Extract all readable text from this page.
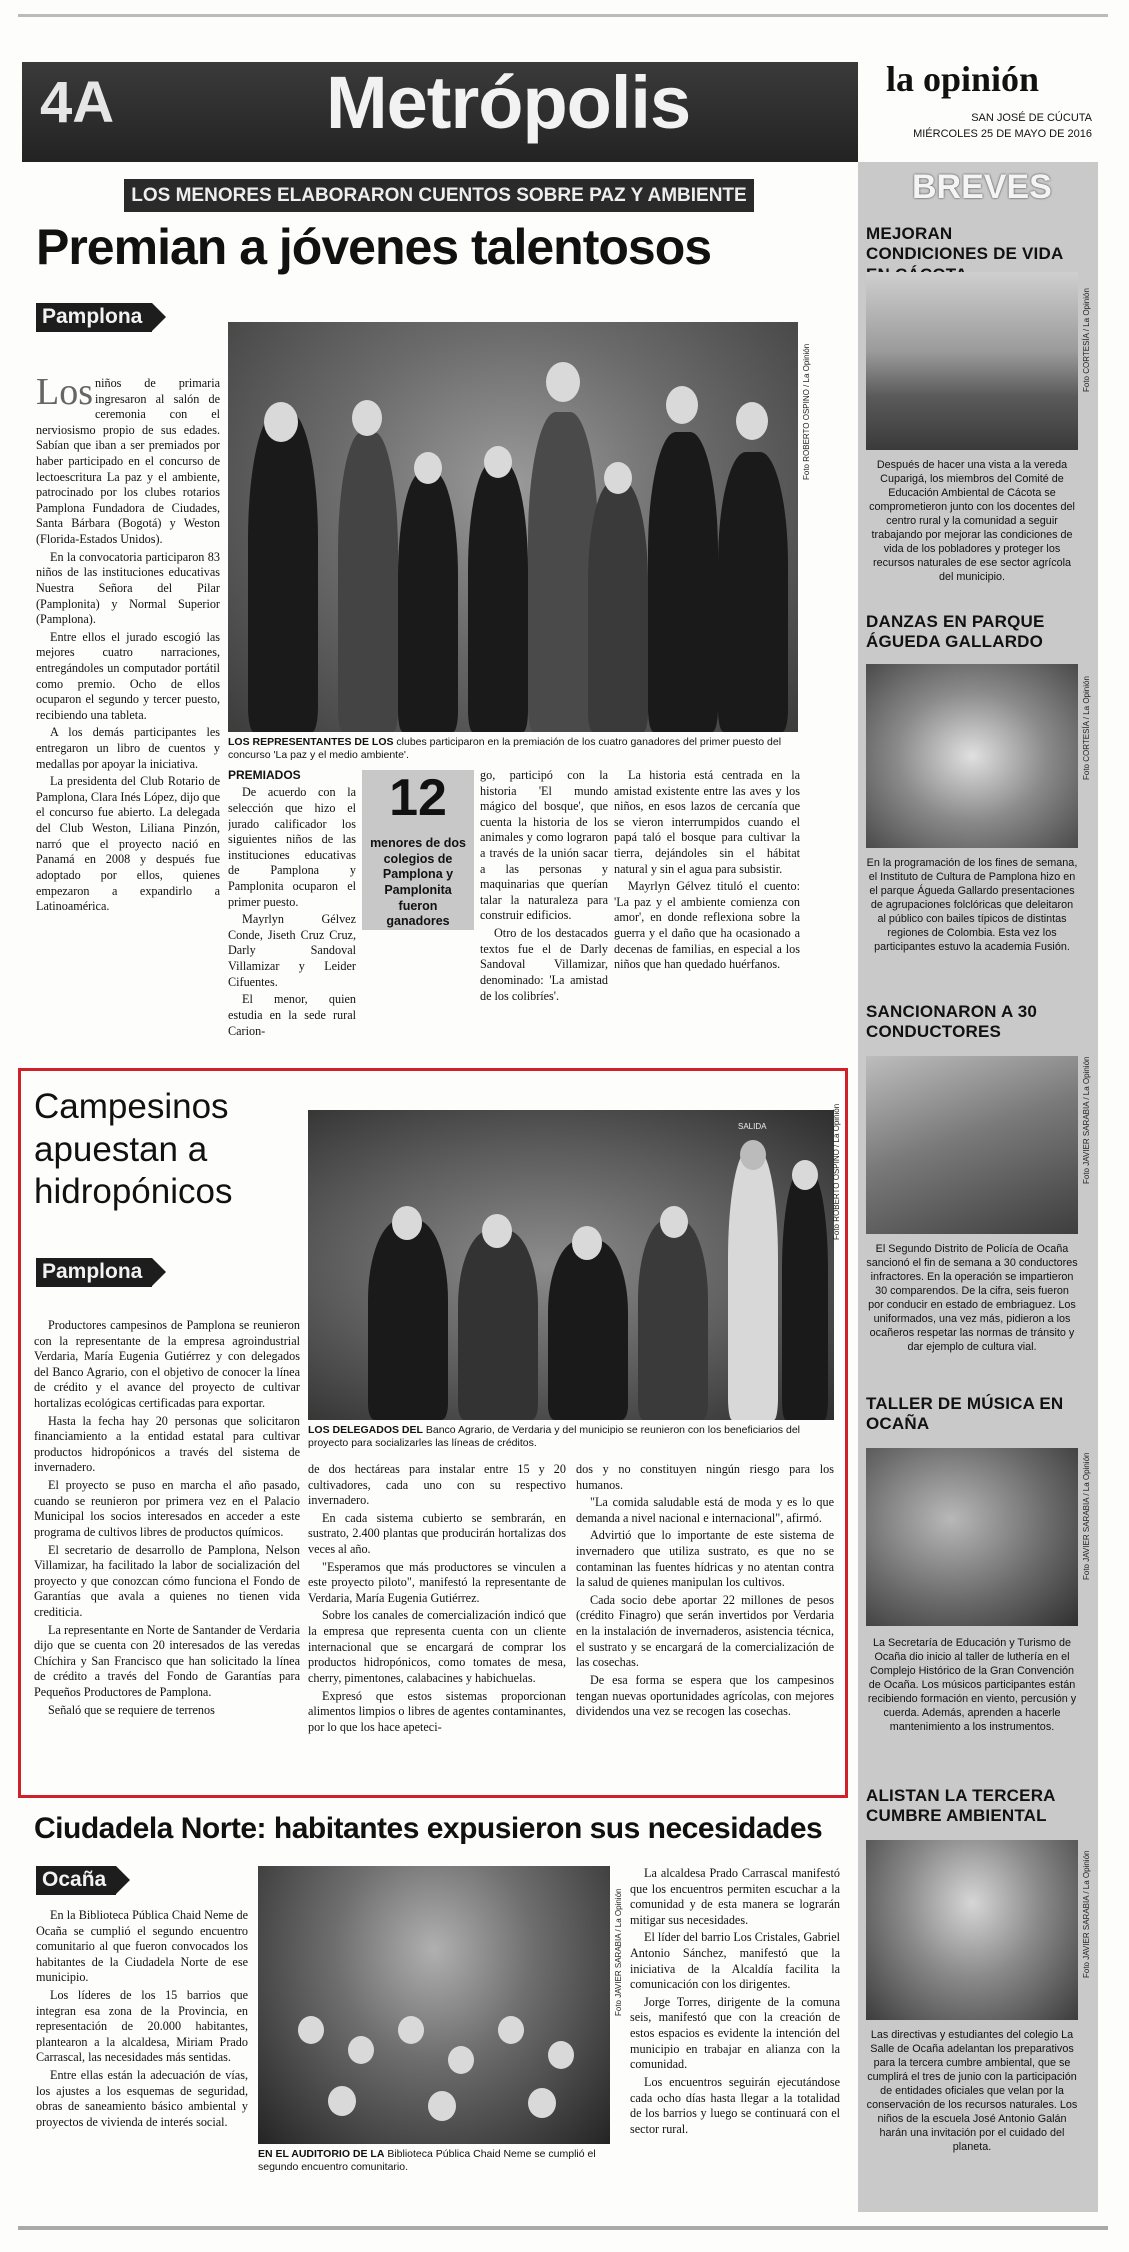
4A	Metrópolis	la opinión
SAN JOSÉ DE CÚCUTA
MIÉRCOLES 25 DE MAYO DE 2016
BREVES
LOS MENORES ELABORARON CUENTOS SOBRE PAZ Y AMBIENTE
Premian a jóvenes talentosos
Pamplona
Foto ROBERTO OSPINO / La Opinión
LOS REPRESENTANTES DE LOS clubes participaron en la premiación de los cuatro ganadores del primer puesto del concurso 'La paz y el medio ambiente'.

Los niños de primaria ingresaron al salón de ceremonia con el nerviosismo propio de sus edades. Sabían que iban a ser premiados por haber participado en el concurso de lectoescritura La paz y el ambiente, patrocinado por los clubes rotarios Pamplona Fundadora de Ciudades, Santa Bárbara (Bogotá) y Weston (Florida-Estados Unidos).

En la convocatoria participaron 83 niños de las instituciones educativas Nuestra Señora del Pilar (Pamplonita) y Normal Superior (Pamplona).

Entre ellos el jurado escogió las mejores cuatro narraciones, entregándoles un computador portátil como premio. Ocho de ellos ocuparon el segundo y tercer puesto, recibiendo una tableta.

A los demás participantes les entregaron un libro de cuentos y medallas por apoyar la iniciativa.

La presidenta del Club Rotario de Pamplona, Clara Inés López, dijo que el concurso fue abierto. La delegada del Club Weston, Liliana Pinzón, narró que el proyecto nació en Panamá en 2008 y después fue adoptado por ellos, quienes empezaron a expandirlo a Latinoamérica.

PREMIADOS

De acuerdo con la selección que hizo el jurado calificador los siguientes niños de las instituciones educativas de Pamplona y Pamplonita ocuparon el primer puesto.

Mayrlyn Gélvez Conde, Jiseth Cruz Cruz, Darly Sandoval Villamizar y Leider Cifuentes.

El menor, quien estudia en la sede rural Carion-

12
menores de dos colegios de Pamplona y Pamplonita fueron ganadores

go, participó con la historia 'El mundo mágico del bosque', que cuenta la historia de los animales y como lograron a través de la unión sacar a las personas y maquinarias que querían talar la naturaleza para construir edificios.

Otro de los destacados textos fue el de Darly Sandoval Villamizar, denominado: 'La amistad de los colibríes'.

La historia está centrada en la amistad existente entre las aves y los niños, en esos lazos de cercanía que se vieron interrumpidos cuando el papá taló el bosque para cultivar la tierra, dejándoles sin el hábitat natural y sin el agua para subsistir.

Mayrlyn Gélvez tituló el cuento: 'La paz y el ambiente comienza con amor', en donde reflexiona sobre la guerra y el daño que ha ocasionado a decenas de familias, en especial a los niños que han quedado huérfanos.

Campesinos apuestan a hidropónicos
Pamplona
SALIDA	Foto ROBERTO OSPINO / La Opinión
LOS DELEGADOS DEL Banco Agrario, de Verdaria y del municipio se reunieron con los beneficiarios del proyecto para socializarles las líneas de créditos.

Productores campesinos de Pamplona se reunieron con la representante de la empresa agroindustrial Verdaria, María Eugenia Gutiérrez y con delegados del Banco Agrario, con el objetivo de conocer la línea de crédito y el avance del proyecto de cultivar hortalizas ecológicas certificadas para exportar.

Hasta la fecha hay 20 personas que solicitaron financiamiento a la entidad estatal para cultivar productos hidropónicos a través del sistema de invernadero.

El proyecto se puso en marcha el año pasado, cuando se reunieron por primera vez en el Palacio Municipal los socios interesados en acceder a este programa de cultivos libres de productos químicos.

El secretario de desarrollo de Pamplona, Nelson Villamizar, ha facilitado la labor de socialización del proyecto y que conozcan cómo funciona el Fondo de Garantías que avala a quienes no tienen vida crediticia.

La representante en Norte de Santander de Verdaria dijo que se cuenta con 20 interesados de las veredas Chíchira y San Francisco que han solicitado la línea de crédito a través del Fondo de Garantías para Pequeños Productores de Pamplona.

Señaló que se requiere de terrenos

de dos hectáreas para instalar entre 15 y 20 cultivadores, cada uno con su respectivo invernadero.

En cada sistema cubierto se sembrarán, en sustrato, 2.400 plantas que producirán hortalizas dos veces al año.

"Esperamos que más productores se vinculen a este proyecto piloto", manifestó la representante de Verdaria, María Eugenia Gutiérrez.

Sobre los canales de comercialización indicó que la empresa que representa cuenta con un cliente internacional que se encargará de comprar los productos hidropónicos, como tomates de mesa, cherry, pimentones, calabacines y habichuelas.

Expresó que estos sistemas proporcionan alimentos limpios o libres de agentes contaminantes, por lo que los hace apeteci-

dos y no constituyen ningún riesgo para los humanos.

"La comida saludable está de moda y es lo que demanda a nivel nacional e internacional", afirmó.

Advirtió que lo importante de este sistema de invernadero que utiliza sustrato, es que no se contaminan las fuentes hídricas y no atentan contra la salud de quienes manipulan los cultivos.

Cada socio debe aportar 22 millones de pesos (crédito Finagro) que serán invertidos por Verdaria en la instalación de invernaderos, asistencia técnica, el sustrato y se encargará de la comercialización de las cosechas.

De esa forma se espera que los campesinos tengan nuevas oportunidades agrícolas, con mejores dividendos una vez se recogen las cosechas.

Ciudadela Norte: habitantes expusieron sus necesidades
Ocaña

En la Biblioteca Pública Chaid Neme de Ocaña se cumplió el segundo encuentro comunitario al que fueron convocados los habitantes de la Ciudadela Norte de ese municipio.

Los líderes de los 15 barrios que integran esa zona de la Provincia, en representación de 20.000 habitantes, plantearon a la alcaldesa, Miriam Prado Carrascal, las necesidades más sentidas.

Entre ellas están la adecuación de vías, los ajustes a los esquemas de seguridad, obras de saneamiento básico ambiental y proyectos de vivienda de interés social.

Foto JAVIER SARABIA / La Opinión
EN EL AUDITORIO DE LA Biblioteca Pública Chaid Neme se cumplió el segundo encuentro comunitario.

La alcaldesa Prado Carrascal manifestó que los encuentros permiten escuchar a la comunidad y de esta manera se lograrán mitigar sus necesidades.

El líder del barrio Los Cristales, Gabriel Antonio Sánchez, manifestó que la iniciativa de la Alcaldía facilita la comunicación con los dirigentes.

Jorge Torres, dirigente de la comuna seis, manifestó que con la creación de estos espacios es evidente la intención del municipio en trabajar en alianza con la comunidad.

Los encuentros seguirán ejecutándose cada ocho días hasta llegar a la totalidad de los barrios y luego se continuará con el sector rural.

MEJORAN CONDICIONES DE VIDA
Foto CORTESÍA / La Opinión
Después de hacer una vista a la vereda Cuparigá, los miembros del Comité de Educación Ambiental de Cácota se comprometieron junto con los docentes del centro rural y la comunidad a seguir trabajando por mejorar las condiciones de vida de los pobladores y proteger los recursos naturales de ese sector agrícola del municipio.
DANZAS EN PARQUE ÁGUEDA GALLARDO
Foto CORTESÍA / La Opinión
En la programación de los fines de semana, el Instituto de Cultura de Pamplona hizo en el parque Águeda Gallardo presentaciones de agrupaciones folclóricas que deleitaron al público con bailes típicos de distintas regiones de Colombia. Esta vez los participantes estuvo la academia Fusión.
SANCIONARON A 30 CONDUCTORES
Foto JAVIER SARABIA / La Opinión
El Segundo Distrito de Policía de Ocaña sancionó el fin de semana a 30 conductores infractores. En la operación se impartieron 30 comparendos. De la cifra, seis fueron por conducir en estado de embriaguez. Los uniformados, una vez más, pidieron a los ocañeros respetar las normas de tránsito y dar ejemplo de cultura vial.
TALLER DE MÚSICA EN OCAÑA
Foto JAVIER SARABIA / La Opinión
La Secretaría de Educación y Turismo de Ocaña dio inicio al taller de luthería en el Complejo Histórico de la Gran Convención de Ocaña. Los músicos participantes están recibiendo formación en viento, percusión y cuerda. Además, aprenden a hacerle mantenimiento a los instrumentos.
ALISTAN LA TERCERA CUMBRE AMBIENTAL
Foto JAVIER SARABIA / La Opinión
Las directivas y estudiantes del colegio La Salle de Ocaña adelantan los preparativos para la tercera cumbre ambiental, que se cumplirá el tres de junio con la participación de entidades oficiales que velan por la conservación de los recursos naturales. Los niños de la escuela José Antonio Galán harán una invitación por el cuidado del planeta.
